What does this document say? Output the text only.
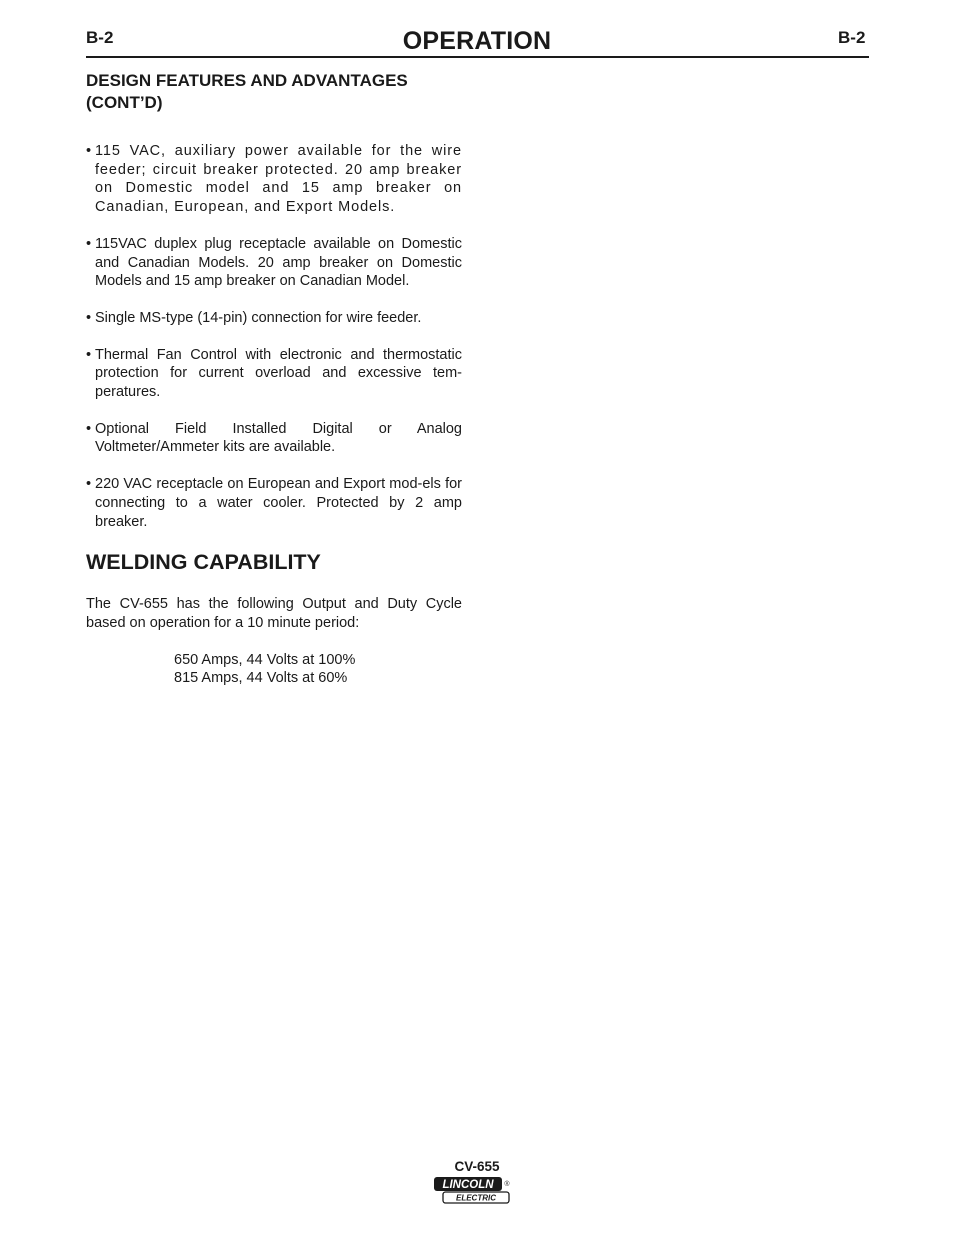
B-2	OPERATION	B-2
DESIGN FEATURES AND ADVANTAGES
(CONT’D)
• 115 VAC, auxiliary power available for the wire feeder; circuit breaker protected. 20 amp breaker on Domestic model and 15 amp breaker on Canadian, European, and Export Models.
• 115VAC duplex plug receptacle available on Domestic and Canadian Models. 20 amp breaker on Domestic Models and 15 amp breaker on Canadian Model.
• Single MS-type (14-pin) connection for wire feeder.
• Thermal Fan Control with electronic and thermostatic protection for current overload and excessive tem-peratures.
• Optional Field Installed Digital or Analog Voltmeter/Ammeter kits are available.
• 220 VAC receptacle on European and Export mod-els for connecting to a water cooler. Protected by 2 amp breaker.
WELDING CAPABILITY

The CV-655 has the following Output and Duty Cycle based on operation for a 10 minute period:

650 Amps, 44 Volts at 100%
815 Amps, 44 Volts at 60%
CV-655
LINCOLN ®
ELECTRIC
